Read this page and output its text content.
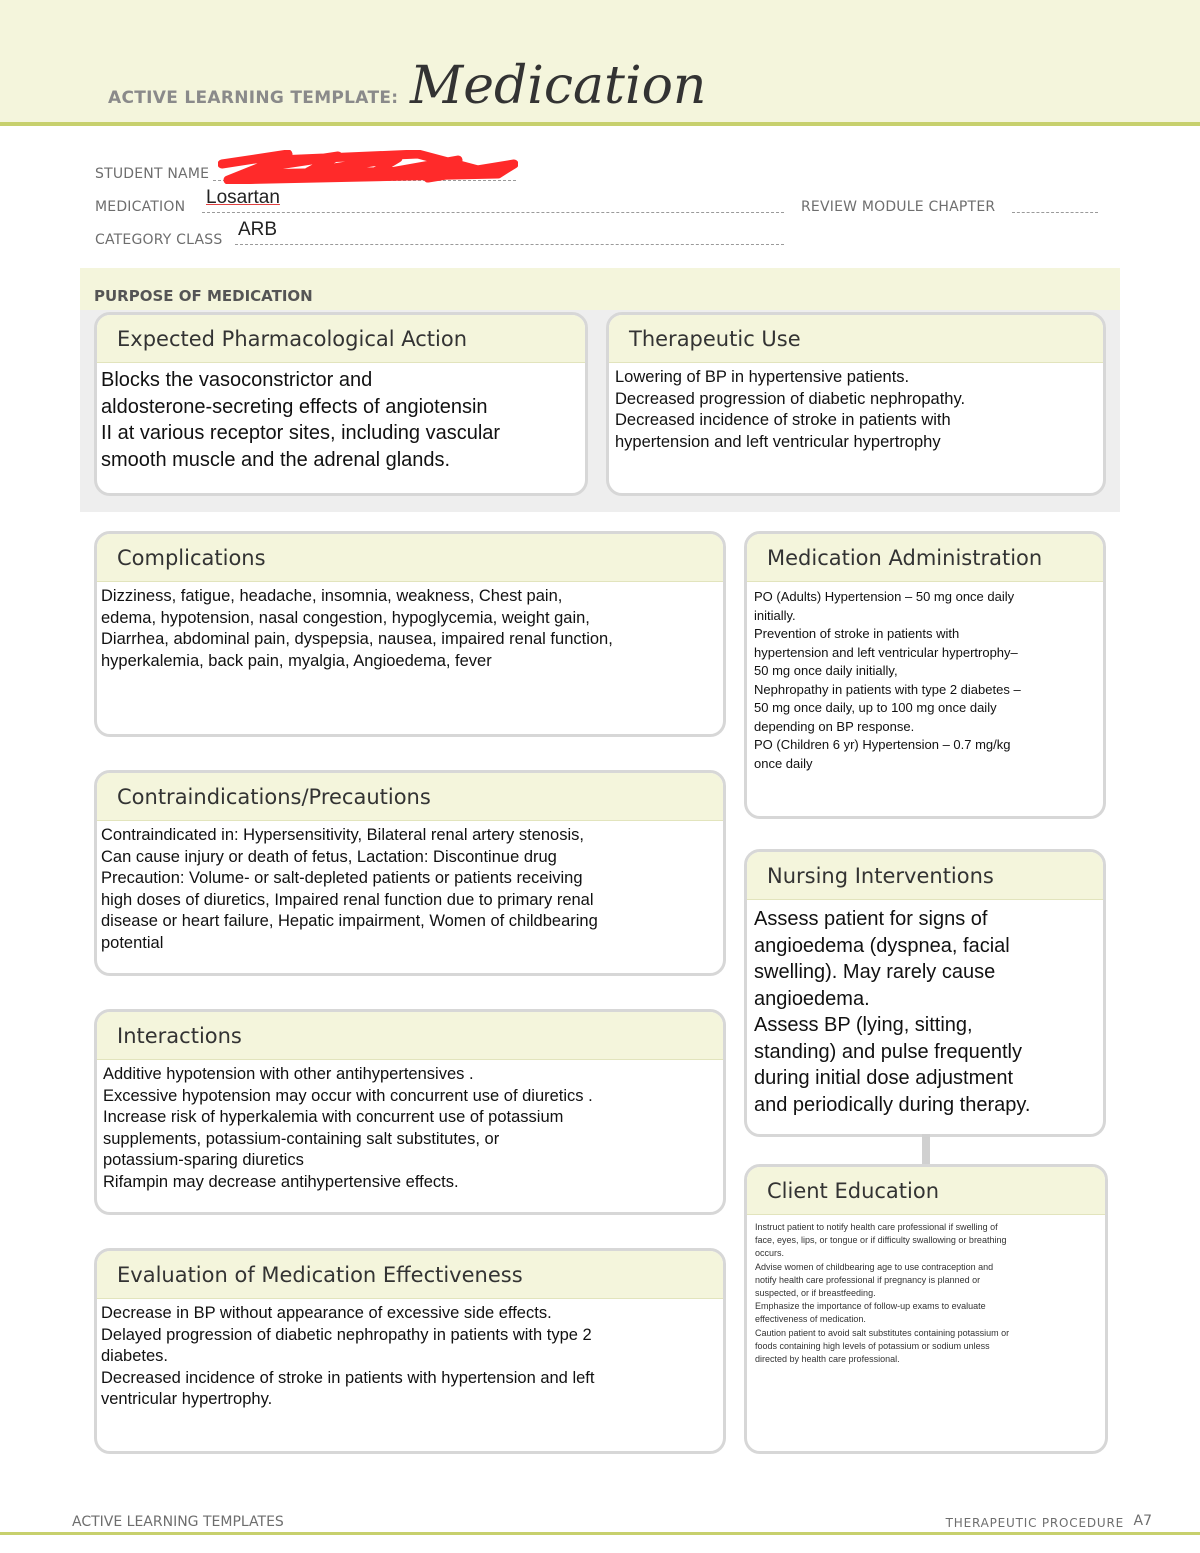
ACTIVE LEARNING TEMPLATE: Medication
STUDENT NAME
MEDICATION Losartan	REVIEW MODULE CHAPTER
CATEGORY CLASS ARB
PURPOSE OF MEDICATION
Expected Pharmacological Action
Blocks the vasoconstrictor and
aldosterone-secreting effects of angiotensin
II at various receptor sites, including vascular
smooth muscle and the adrenal glands.
Therapeutic Use
Lowering of BP in hypertensive patients.
Decreased progression of diabetic nephropathy.
Decreased incidence of stroke in patients with
hypertension and left ventricular hypertrophy
Complications
Dizziness, fatigue, headache, insomnia, weakness, Chest pain,
edema, hypotension, nasal congestion, hypoglycemia, weight gain,
Diarrhea, abdominal pain, dyspepsia, nausea, impaired renal function,
hyperkalemia, back pain, myalgia, Angioedema, fever
Contraindications/Precautions
Contraindicated in: Hypersensitivity, Bilateral renal artery stenosis,
Can cause injury or death of fetus, Lactation: Discontinue drug
Precaution: Volume- or salt-depleted patients or patients receiving
high doses of diuretics, Impaired renal function due to primary renal
disease or heart failure, Hepatic impairment, Women of childbearing
potential
Interactions
Additive hypotension with other antihypertensives .
Excessive hypotension may occur with concurrent use of diuretics .
Increase risk of hyperkalemia with concurrent use of potassium
supplements, potassium-containing salt substitutes, or
potassium-sparing diuretics
Rifampin may decrease antihypertensive effects.
Evaluation of Medication Effectiveness
Decrease in BP without appearance of excessive side effects.
Delayed progression of diabetic nephropathy in patients with type 2
diabetes.
Decreased incidence of stroke in patients with hypertension and left
ventricular hypertrophy.
Medication Administration
PO (Adults) Hypertension – 50 mg once daily
initially.
Prevention of stroke in patients with
hypertension and left ventricular hypertrophy–
50 mg once daily initially,
Nephropathy in patients with type 2 diabetes –
50 mg once daily, up to 100 mg once daily
depending on BP response.
PO (Children 6 yr) Hypertension – 0.7 mg/kg
once daily
Nursing Interventions
Assess patient for signs of
angioedema (dyspnea, facial
swelling). May rarely cause
angioedema.
Assess BP (lying, sitting,
standing) and pulse frequently
during initial dose adjustment
and periodically during therapy.
Client Education
Instruct patient to notify health care professional if swelling of
face, eyes, lips, or tongue or if difficulty swallowing or breathing
occurs.
Advise women of childbearing age to use contraception and
notify health care professional if pregnancy is planned or
suspected, or if breastfeeding.
Emphasize the importance of follow-up exams to evaluate
effectiveness of medication.
Caution patient to avoid salt substitutes containing potassium or
foods containing high levels of potassium or sodium unless
directed by health care professional.
ACTIVE LEARNING TEMPLATES	THERAPEUTIC PROCEDURE A7
